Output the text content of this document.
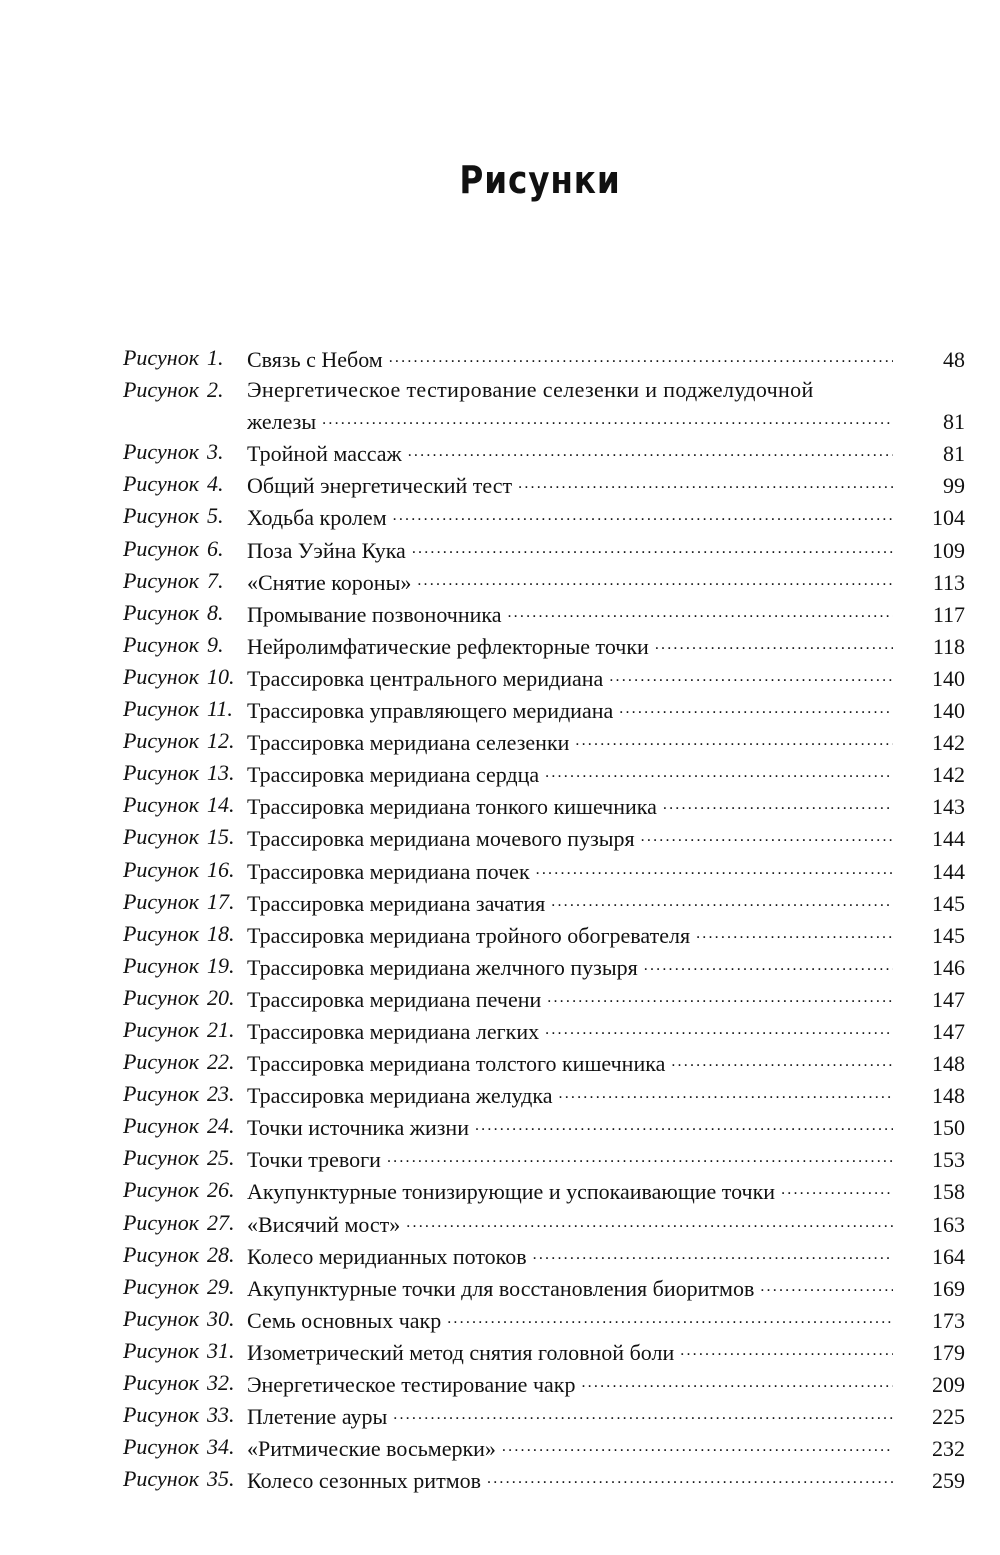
Рисунки
Рисунок 1.	Связь с Небом .....	48
Рисунок 2.	Энергетическое тестирование селезенки и поджелудочной
железы .....	81
Рисунок 3.	Тройной массаж .....	81
Рисунок 4.	Общий энергетический тест .....	99
Рисунок 5.	Ходьба кролем .....	104
Рисунок 6.	Поза Уэйна Кука .....	109
Рисунок 7.	«Снятие короны» .....	113
Рисунок 8.	Промывание позвоночника .....	117
Рисунок 9.	Нейролимфатические рефлекторные точки .....	118
Рисунок 10. Трассировка центрального меридиана .....	140
Рисунок 11. Трассировка управляющего меридиана .....	140
Рисунок 12. Трассировка меридиана селезенки .....	142
Рисунок 13. Трассировка меридиана сердца .....	142
Рисунок 14. Трассировка меридиана тонкого кишечника .....	143
Рисунок 15. Трассировка меридиана мочевого пузыря .....	144
Рисунок 16. Трассировка меридиана почек .....	144
Рисунок 17. Трассировка меридиана зачатия .....	145
Рисунок 18. Трассировка меридиана тройного обогревателя .....	145
Рисунок 19. Трассировка меридиана желчного пузыря .....	146
Рисунок 20. Трассировка меридиана печени .....	147
Рисунок 21. Трассировка меридиана легких .....	147
Рисунок 22. Трассировка меридиана толстого кишечника .....	148
Рисунок 23. Трассировка меридиана желудка .....	148
Рисунок 24. Точки источника жизни .....	150
Рисунок 25. Точки тревоги .....	153
Рисунок 26. Акупунктурные тонизирующие и успокаивающие точки .....	158
Рисунок 27. «Висячий мост» .....	163
Рисунок 28. Колесо меридианных потоков .....	164
Рисунок 29. Акупунктурные точки для восстановления биоритмов .....	169
Рисунок 30. Семь основных чакр .....	173
Рисунок 31. Изометрический метод снятия головной боли .....	179
Рисунок 32. Энергетическое тестирование чакр .....	209
Рисунок 33. Плетение ауры .....	225
Рисунок 34. «Ритмические восьмерки» .....	232
Рисунок 35. Колесо сезонных ритмов .....	259
